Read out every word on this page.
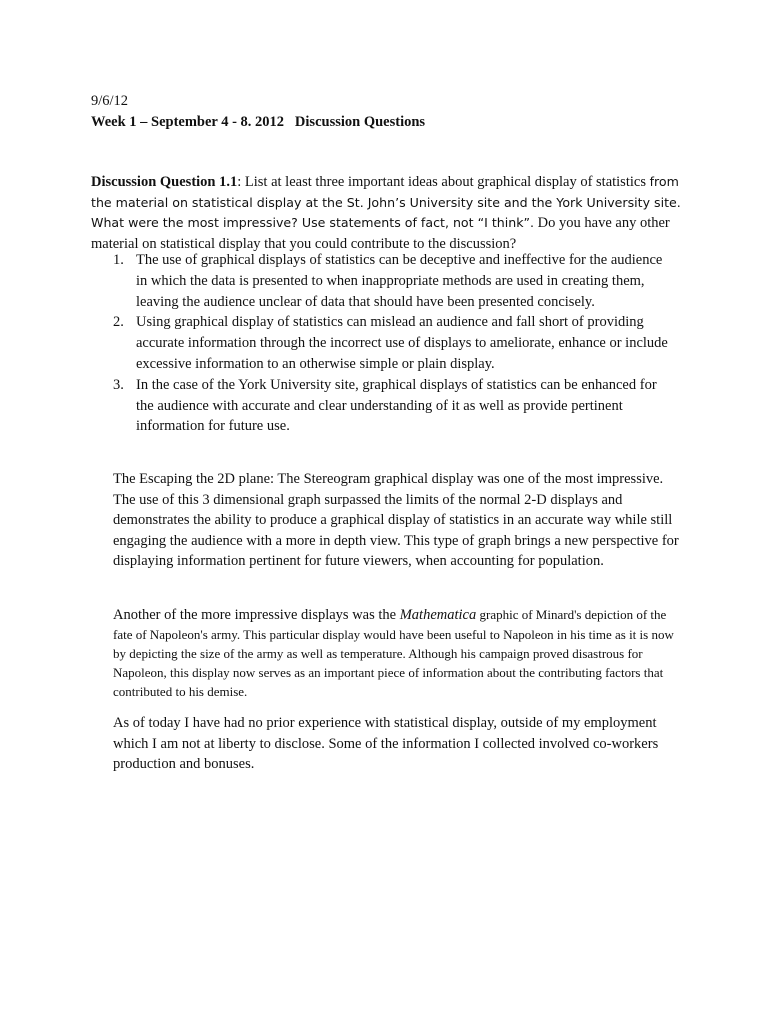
9/6/12
Week 1 – September 4 - 8. 2012   Discussion Questions
Discussion Question 1.1: List at least three important ideas about graphical display of statistics from the material on statistical display at the St. John’s University site and the York University site. What were the most impressive? Use statements of fact, not “I think”. Do you have any other material on statistical display that you could contribute to the discussion?
1. The use of graphical displays of statistics can be deceptive and ineffective for the audience in which the data is presented to when inappropriate methods are used in creating them, leaving the audience unclear of data that should have been presented concisely.
2. Using graphical display of statistics can mislead an audience and fall short of providing accurate information through the incorrect use of displays to ameliorate, enhance or include excessive information to an otherwise simple or plain display.
3. In the case of the York University site, graphical displays of statistics can be enhanced for the audience with accurate and clear understanding of it as well as provide pertinent information for future use.

The Escaping the 2D plane: The Stereogram graphical display was one of the most impressive. The use of this 3 dimensional graph surpassed the limits of the normal 2-D displays and demonstrates the ability to produce a graphical display of statistics in an accurate way while still engaging the audience with a more in depth view. This type of graph brings a new perspective for displaying information pertinent for future viewers, when accounting for population.

Another of the more impressive displays was the Mathematica graphic of Minard's depiction of the fate of Napoleon's army. This particular display would have been useful to Napoleon in his time as it is now by depicting the size of the army as well as temperature. Although his campaign proved disastrous for Napoleon, this display now serves as an important piece of information about the contributing factors that contributed to his demise.

As of today I have had no prior experience with statistical display, outside of my employment which I am not at liberty to disclose. Some of the information I collected involved co-workers production and bonuses.
